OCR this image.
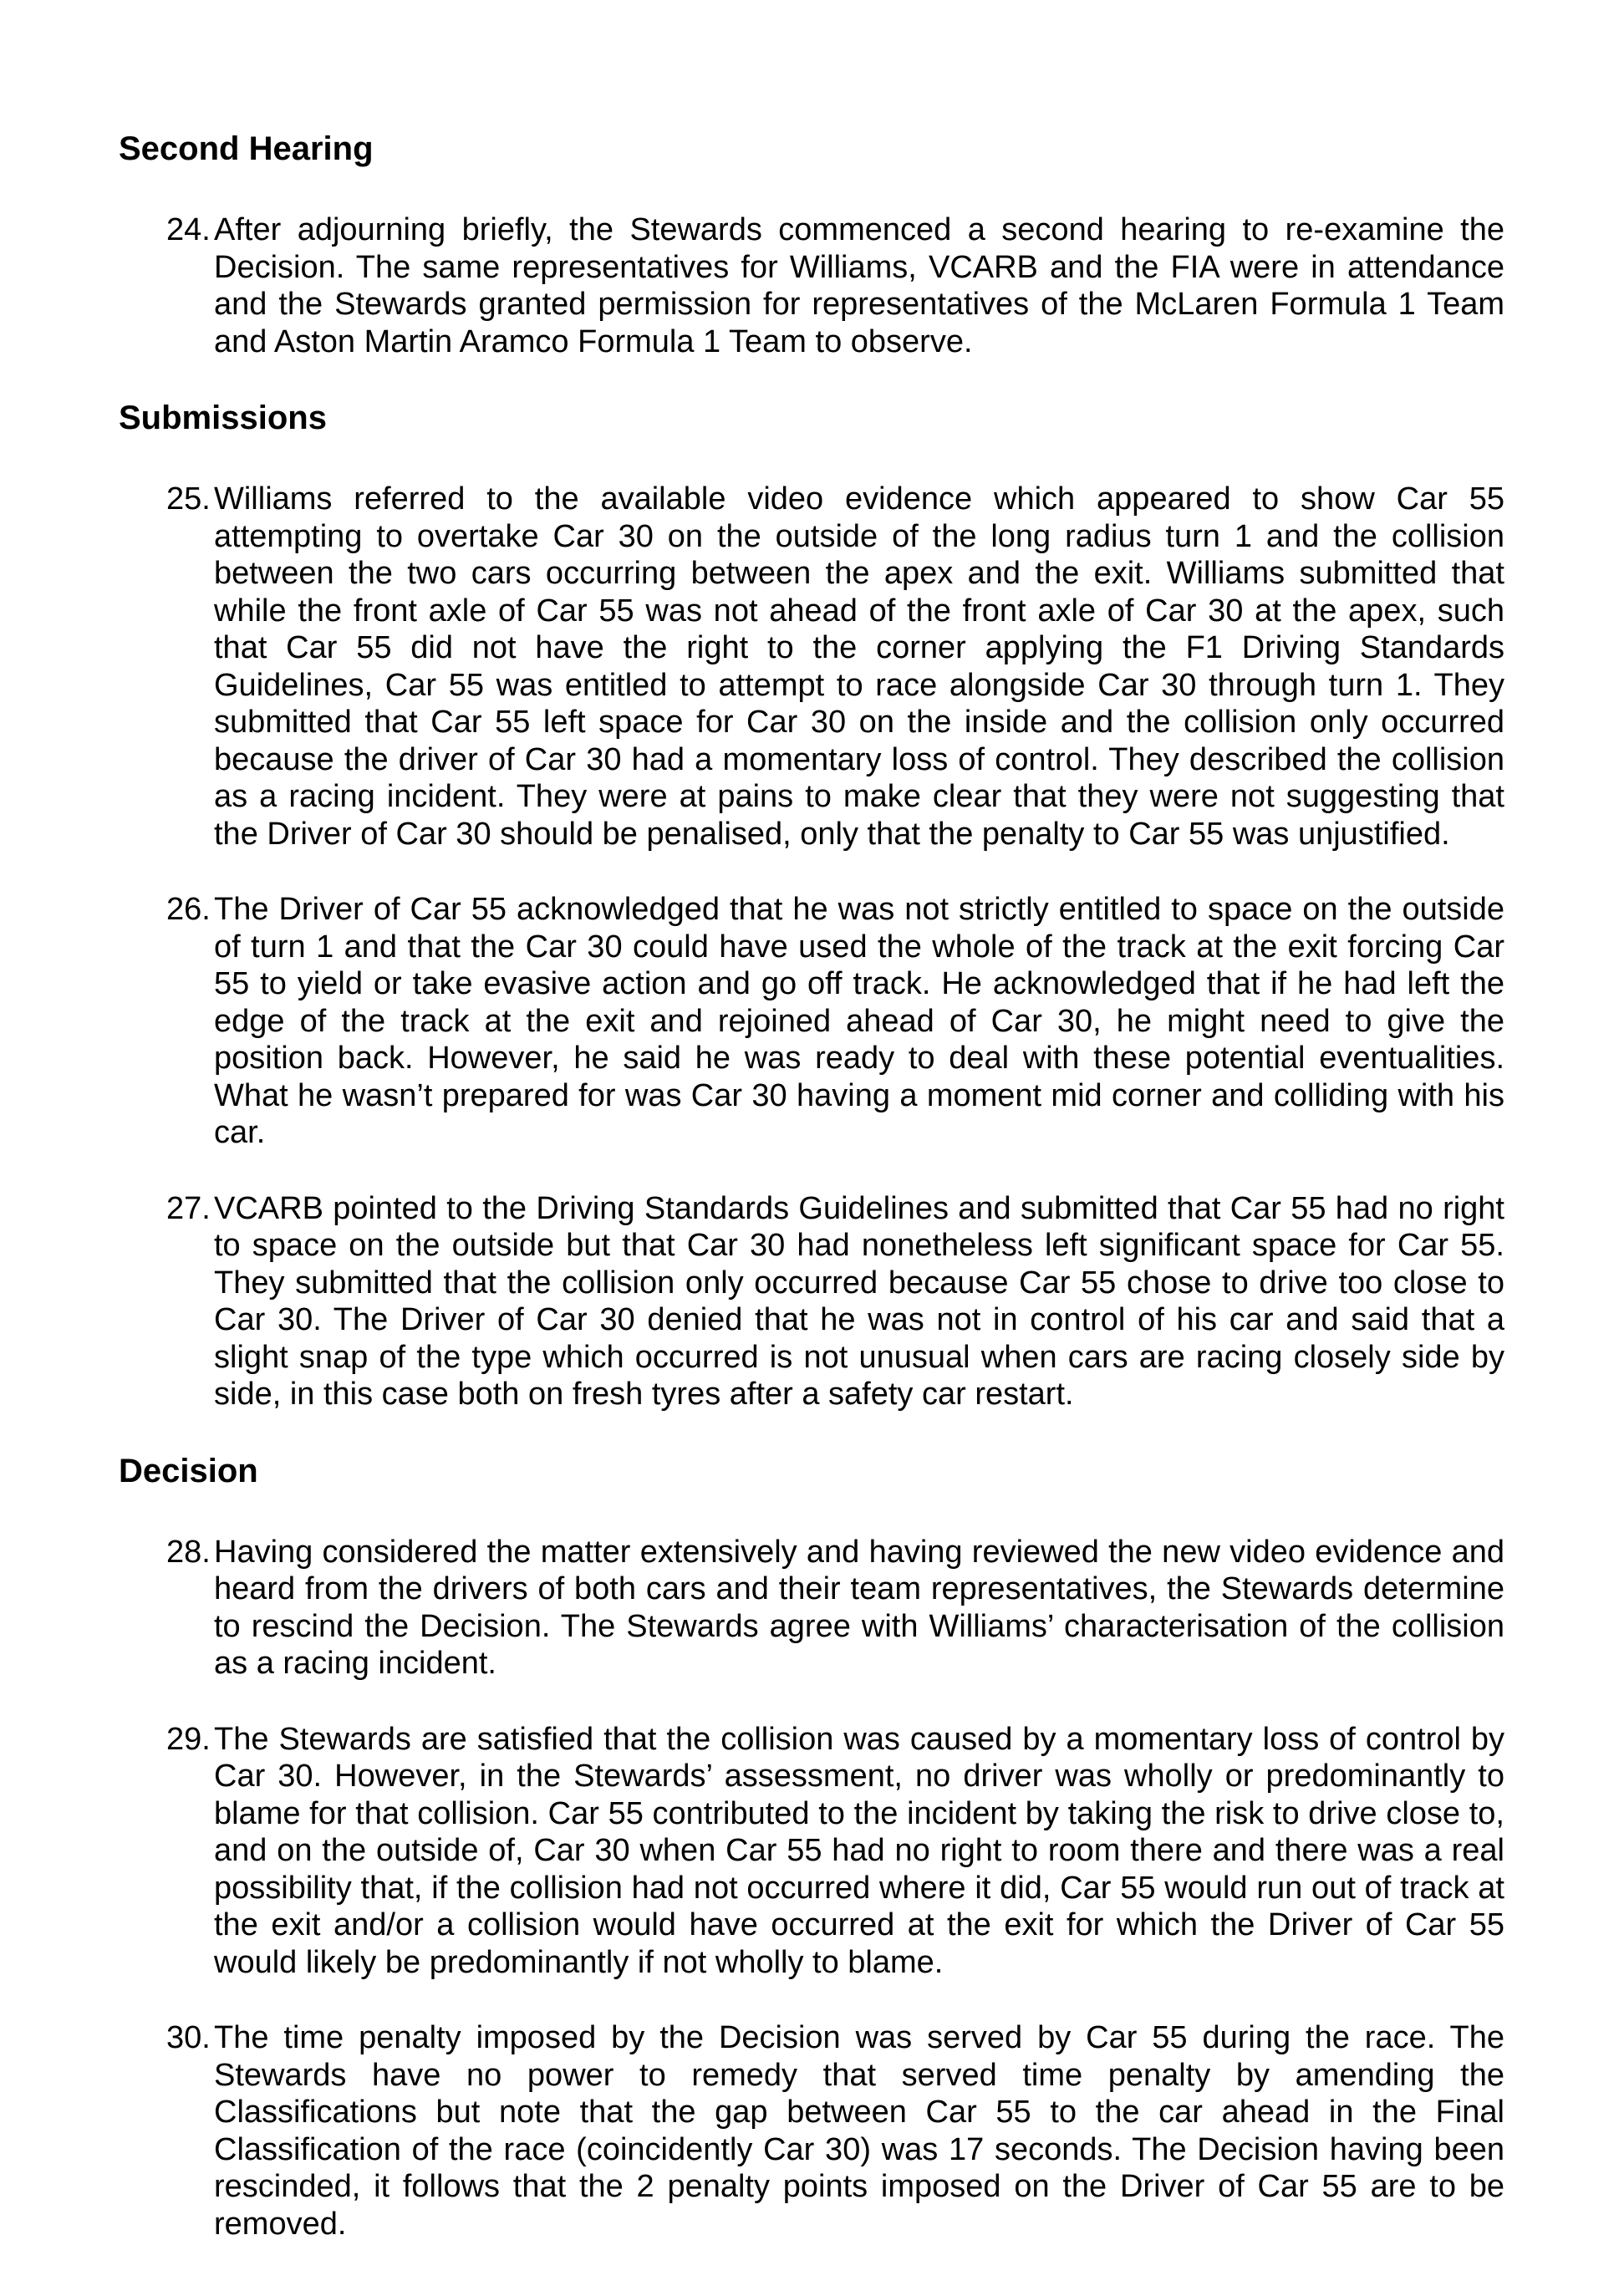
Second Hearing
24. After adjourning briefly, the Stewards commenced a second hearing to re-examine the Decision. The same representatives for Williams, VCARB and the FIA were in attendance and the Stewards granted permission for representatives of the McLaren Formula 1 Team and Aston Martin Aramco Formula 1 Team to observe.

Submissions
25. Williams referred to the available video evidence which appeared to show Car 55 attempting to overtake Car 30 on the outside of the long radius turn 1 and the collision between the two cars occurring between the apex and the exit. Williams submitted that while the front axle of Car 55 was not ahead of the front axle of Car 30 at the apex, such that Car 55 did not have the right to the corner applying the F1 Driving Standards Guidelines, Car 55 was entitled to attempt to race alongside Car 30 through turn 1. They submitted that Car 55 left space for Car 30 on the inside and the collision only occurred because the driver of Car 30 had a momentary loss of control. They described the collision as a racing incident. They were at pains to make clear that they were not suggesting that the Driver of Car 30 should be penalised, only that the penalty to Car 55 was unjustified.

26. The Driver of Car 55 acknowledged that he was not strictly entitled to space on the outside of turn 1 and that the Car 30 could have used the whole of the track at the exit forcing Car 55 to yield or take evasive action and go off track. He acknowledged that if he had left the edge of the track at the exit and rejoined ahead of Car 30, he might need to give the position back. However, he said he was ready to deal with these potential eventualities. What he wasn’t prepared for was Car 30 having a moment mid corner and colliding with his car.

27. VCARB pointed to the Driving Standards Guidelines and submitted that Car 55 had no right to space on the outside but that Car 30 had nonetheless left significant space for Car 55. They submitted that the collision only occurred because Car 55 chose to drive too close to Car 30. The Driver of Car 30 denied that he was not in control of his car and said that a slight snap of the type which occurred is not unusual when cars are racing closely side by side, in this case both on fresh tyres after a safety car restart.

Decision
28. Having considered the matter extensively and having reviewed the new video evidence and heard from the drivers of both cars and their team representatives, the Stewards determine to rescind the Decision. The Stewards agree with Williams’ characterisation of the collision as a racing incident.

29. The Stewards are satisfied that the collision was caused by a momentary loss of control by Car 30. However, in the Stewards’ assessment, no driver was wholly or predominantly to blame for that collision. Car 55 contributed to the incident by taking the risk to drive close to, and on the outside of, Car 30 when Car 55 had no right to room there and there was a real possibility that, if the collision had not occurred where it did, Car 55 would run out of track at the exit and/or a collision would have occurred at the exit for which the Driver of Car 55 would likely be predominantly if not wholly to blame.

30. The time penalty imposed by the Decision was served by Car 55 during the race. The Stewards have no power to remedy that served time penalty by amending the Classifications but note that the gap between Car 55 to the car ahead in the Final Classification of the race (coincidently Car 30) was 17 seconds. The Decision having been rescinded, it follows that the 2 penalty points imposed on the Driver of Car 55 are to be removed.
